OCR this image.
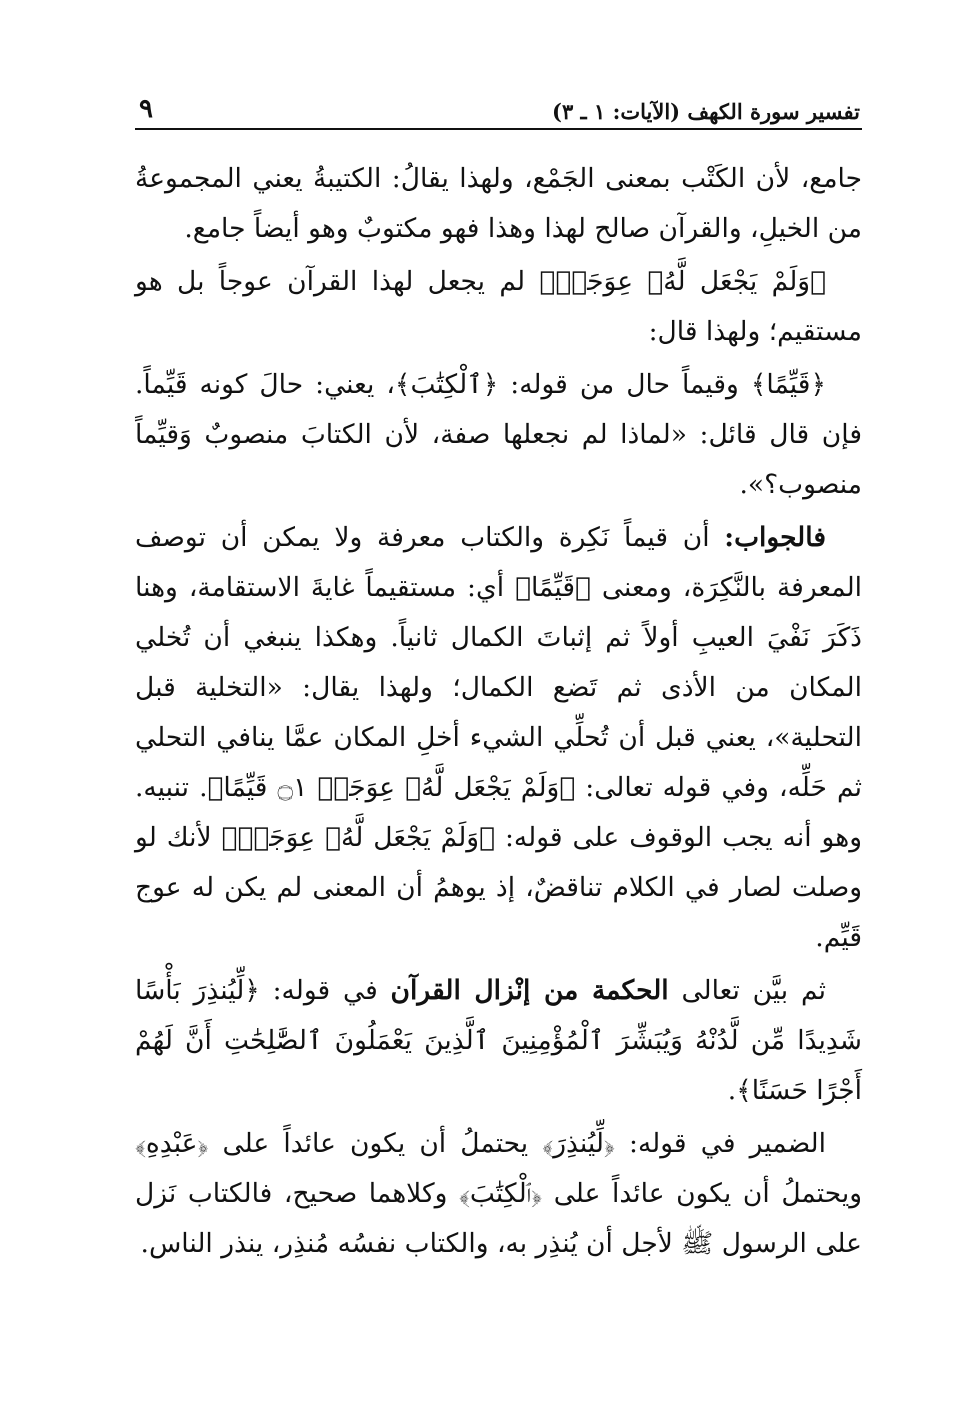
تفسير سورة الكهف (الآيات: ١ ـ ٣)
٩

جامع، لأن الكَتْب بمعنى الجَمْع، ولهذا يقالُ: الكتيبةُ يعني المجموعةُ من الخيلِ، والقرآن صالح لهذا وهذا فهو مكتوبٌ وهو أيضاً جامع.

﴿وَلَمْ يَجْعَل لَّهُۥ عِوَجَاۜ﴾ لم يجعل لهذا القرآن عوجاً بل هو مستقيم؛ ولهذا قال:

﴿قَيِّمًا﴾ وقيماً حال من قوله: ﴿ٱلْكِتَٰبَ﴾، يعني: حالَ كونه قَيِّماً. فإن قال قائل: «لماذا لم نجعلها صفة، لأن الكتابَ منصوبٌ وَقيِّماً منصوب؟».

فالجواب: أن قيماً نَكِرة والكتاب معرفة ولا يمكن أن توصف المعرفة بالنَّكِرَة، ومعنى ﴿قَيِّمًا﴾ أي: مستقيماً غايةَ الاستقامة، وهنا ذَكَرَ نَفْيَ العيبِ أولاً ثم إثباتَ الكمال ثانياً. وهكذا ينبغي أن تُخلي المكان من الأذى ثم تَضع الكمال؛ ولهذا يقال: «التخلية قبل التحلية»، يعني قبل أن تُحلِّي الشيء أخلِ المكان عمَّا ينافي التحلي ثم حَلِّه، وفي قوله تعالى: ﴿وَلَمْ يَجْعَل لَّهُۥ عِوَجَاۜ ۝١ قَيِّمًا﴾. تنبيه. وهو أنه يجب الوقوف على قوله: ﴿وَلَمْ يَجْعَل لَّهُۥ عِوَجَاۜ﴾ لأنك لو وصلت لصار في الكلام تناقضٌ، إذ يوهمُ أن المعنى لم يكن له عوج قَيِّم.

ثم بيَّن تعالى الحكمة من إنْزال القرآن في قوله: ﴿لِّيُنذِرَ بَأْسًا شَدِيدًا مِّن لَّدُنْهُ وَيُبَشِّرَ ٱلْمُؤْمِنِينَ ٱلَّذِينَ يَعْمَلُونَ ٱلصَّٰلِحَٰتِ أَنَّ لَهُمْ أَجْرًا حَسَنًا﴾.

الضمير في قوله: ﴿لِّيُنذِرَ﴾ يحتملُ أن يكون عائداً على ﴿عَبْدِهِ﴾ ويحتملُ أن يكون عائداً على ﴿ٱلْكِتَٰبَ﴾ وكلاهما صحيح، فالكتاب نَزل على الرسول ﷺ لأجل أن يُنذِر به، والكتاب نفسُه مُنذِر، ينذر الناس.
